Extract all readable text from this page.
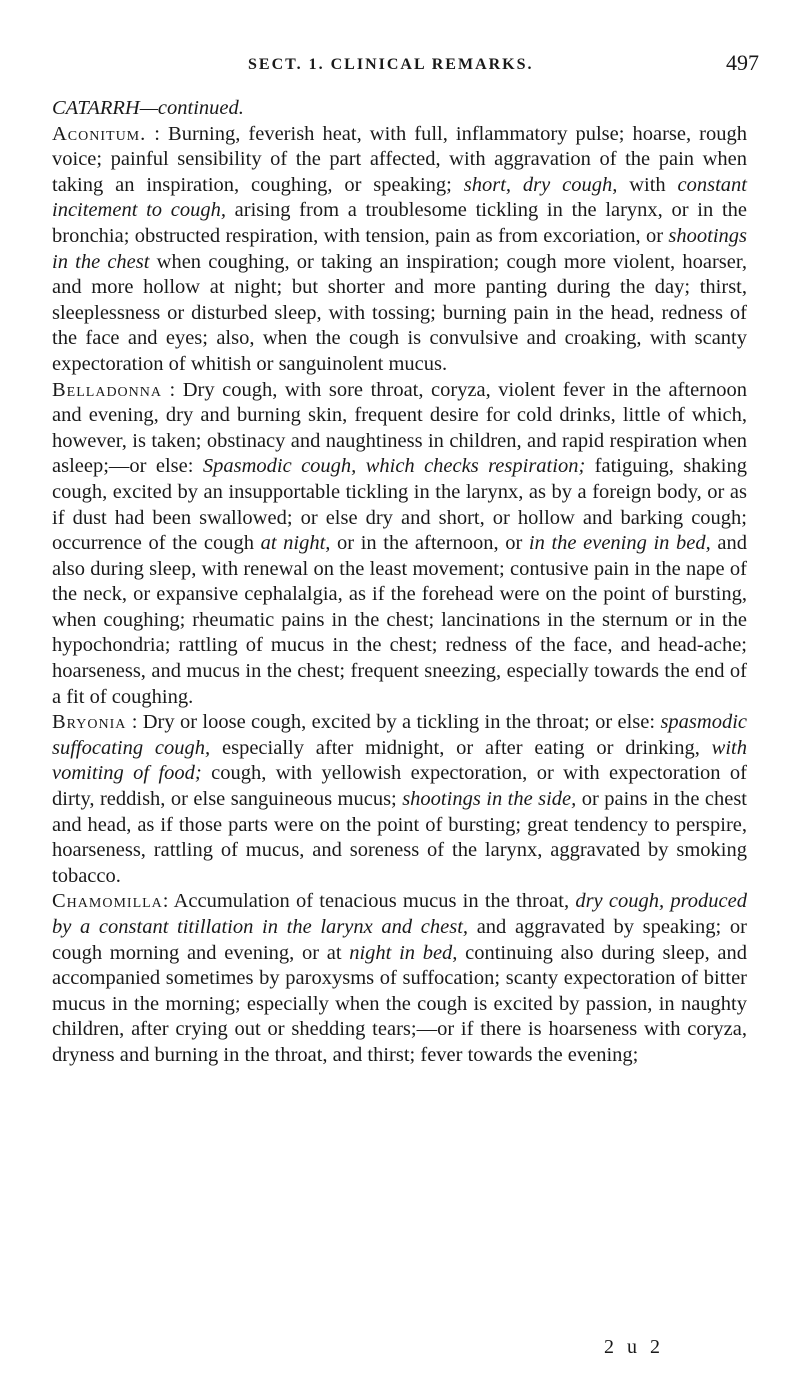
SECT. 1. CLINICAL REMARKS.	497

CATARRH—continued.

Aconitum. : Burning, feverish heat, with full, inflammatory pulse; hoarse, rough voice; painful sensibility of the part affected, with aggravation of the pain when taking an inspiration, coughing, or speaking; short, dry cough, with constant incitement to cough, arising from a troublesome tickling in the larynx, or in the bronchia; obstructed respiration, with tension, pain as from excoriation, or shootings in the chest when coughing, or taking an inspiration; cough more violent, hoarser, and more hollow at night; but shorter and more panting during the day; thirst, sleeplessness or disturbed sleep, with tossing; burning pain in the head, redness of the face and eyes; also, when the cough is convulsive and croaking, with scanty expectoration of whitish or sanguinolent mucus.

Belladonna : Dry cough, with sore throat, coryza, violent fever in the afternoon and evening, dry and burning skin, frequent desire for cold drinks, little of which, however, is taken; obstinacy and naughtiness in children, and rapid respiration when asleep;—or else: Spasmodic cough, which checks respiration; fatiguing, shaking cough, excited by an insupportable tickling in the larynx, as by a foreign body, or as if dust had been swallowed; or else dry and short, or hollow and barking cough; occurrence of the cough at night, or in the afternoon, or in the evening in bed, and also during sleep, with renewal on the least movement; contusive pain in the nape of the neck, or expansive cephalalgia, as if the forehead were on the point of bursting, when coughing; rheumatic pains in the chest; lancinations in the sternum or in the hypochondria; rattling of mucus in the chest; redness of the face, and head-ache; hoarseness, and mucus in the chest; frequent sneezing, especially towards the end of a fit of coughing.

Bryonia : Dry or loose cough, excited by a tickling in the throat; or else: spasmodic suffocating cough, especially after midnight, or after eating or drinking, with vomiting of food; cough, with yellowish expectoration, or with expectoration of dirty, reddish, or else sanguineous mucus; shootings in the side, or pains in the chest and head, as if those parts were on the point of bursting; great tendency to perspire, hoarseness, rattling of mucus, and soreness of the larynx, aggravated by smoking tobacco.

Chamomilla: Accumulation of tenacious mucus in the throat, dry cough, produced by a constant titillation in the larynx and chest, and aggravated by speaking; or cough morning and evening, or at night in bed, continuing also during sleep, and accompanied sometimes by paroxysms of suffocation; scanty expectoration of bitter mucus in the morning; especially when the cough is excited by passion, in naughty children, after crying out or shedding tears;—or if there is hoarseness with coryza, dryness and burning in the throat, and thirst; fever towards the evening;

2 u 2
